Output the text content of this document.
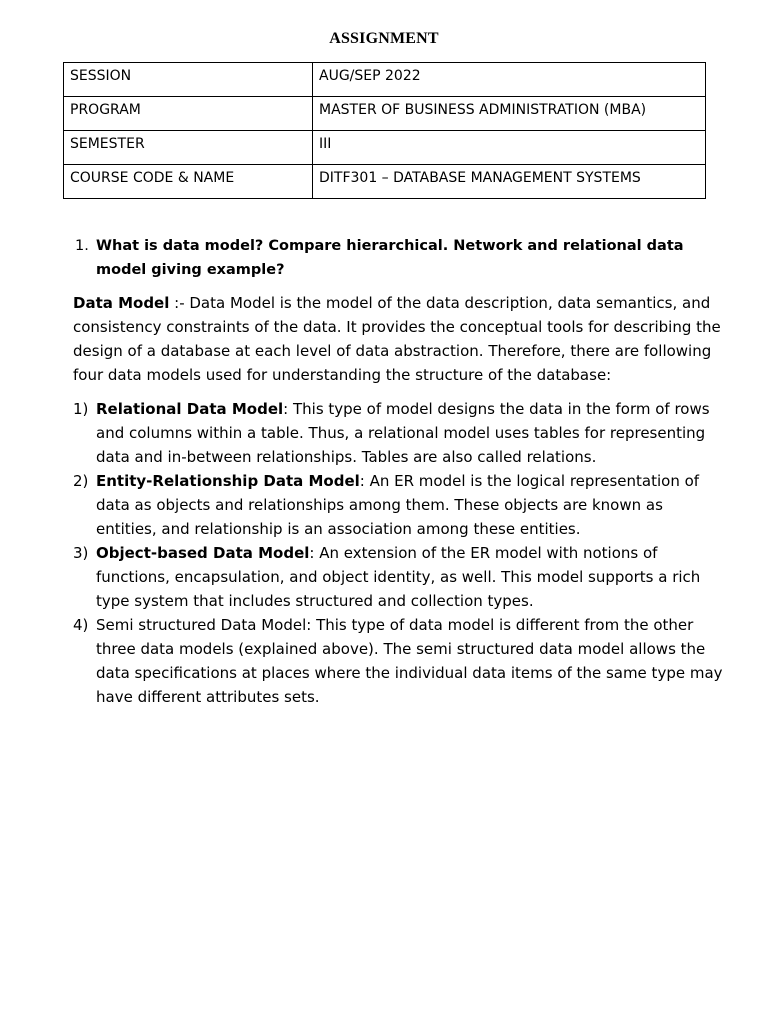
ASSIGNMENT
SESSION	AUG/SEP 2022
PROGRAM	MASTER OF BUSINESS ADMINISTRATION (MBA)
SEMESTER	III
COURSE CODE & NAME	DITF301 – DATABASE MANAGEMENT SYSTEMS
1. What is data model? Compare hierarchical. Network and relational data model giving example?

Data Model :- Data Model is the model of the data description, data semantics, and consistency constraints of the data. It provides the conceptual tools for describing the design of a database at each level of data abstraction. Therefore, there are following four data models used for understanding the structure of the database:

1) Relational Data Model: This type of model designs the data in the form of rows and columns within a table. Thus, a relational model uses tables for representing data and in-between relationships. Tables are also called relations.
2) Entity-Relationship Data Model: An ER model is the logical representation of data as objects and relationships among them. These objects are known as entities, and relationship is an association among these entities.
3) Object-based Data Model: An extension of the ER model with notions of functions, encapsulation, and object identity, as well. This model supports a rich type system that includes structured and collection types.
4) Semi structured Data Model: This type of data model is different from the other three data models (explained above). The semi structured data model allows the data specifications at places where the individual data items of the same type may have different attributes sets.
